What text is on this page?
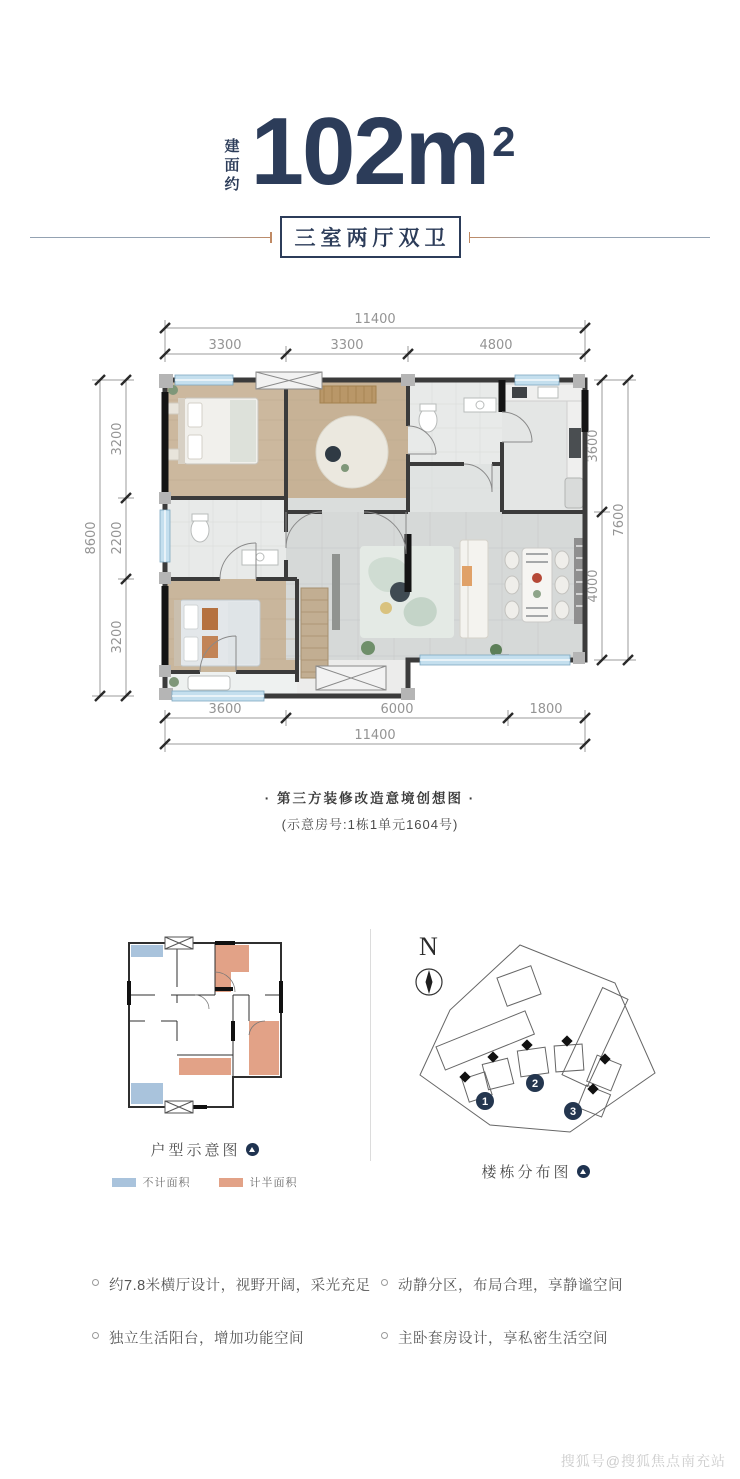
建
面
约 102m2
三室两厅双卫
11400
3300	3300	4800
8600
3200
2200
3200
3600
4000
7600
3600	6000	1800
11400
· 第三方装修改造意境创想图 ·
(示意房号:1栋1单元1604号)
户型示意图
不计面积	计半面积
N
1
2
3
楼栋分布图
约7.8米横厅设计，视野开阔，采光充足 动静分区，布局合理，享静谧空间
独立生活阳台，增加功能空间	主卧套房设计，享私密生活空间
搜狐号@搜狐焦点南充站
